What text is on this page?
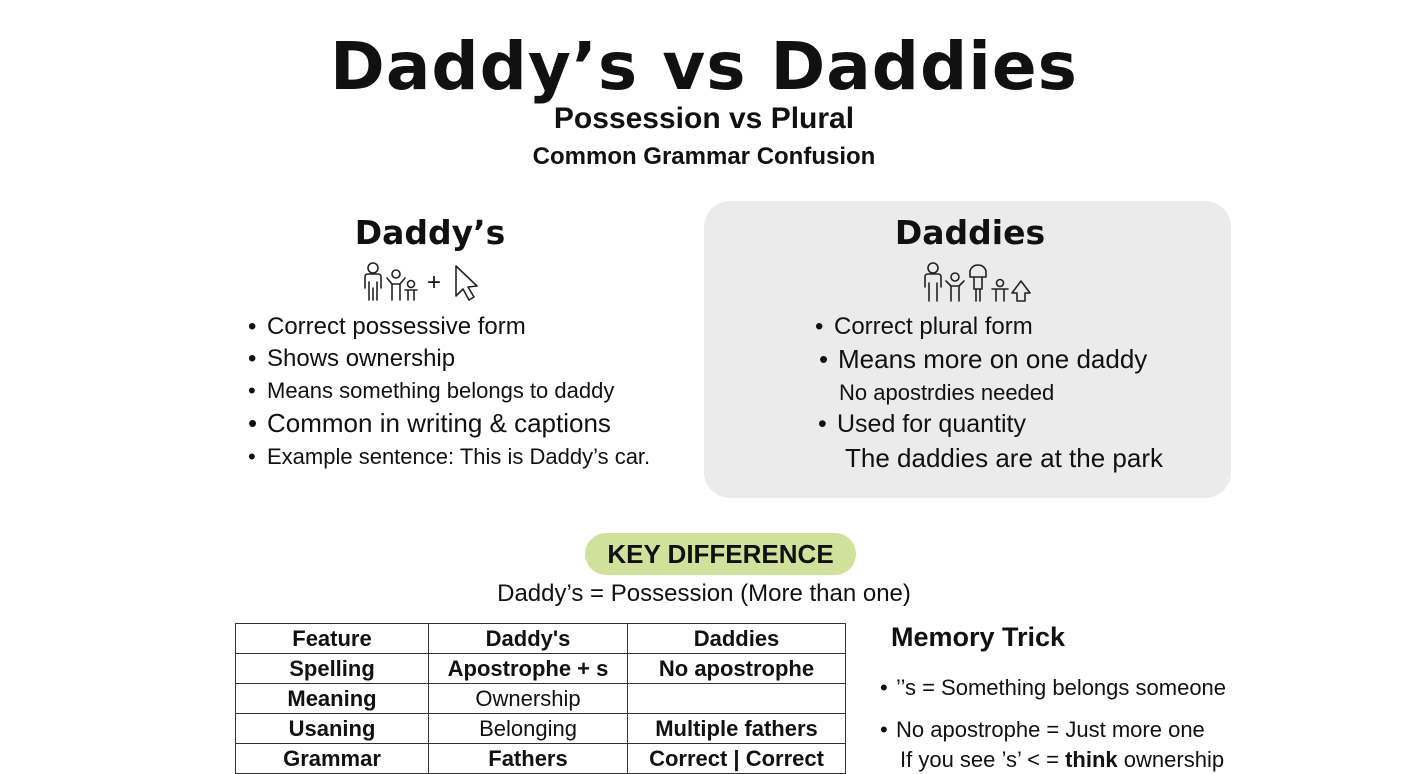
Daddy’s vs Daddies
Possession vs Plural
Common Grammar Confusion
Daddy’s
+
• Correct possessive form
• Shows ownership
• Means something belongs to daddy
• Common in writing & captions
• Example sentence: This is Daddy’s car.
Daddies
• Correct plural form
• Means more on one daddy
No apostrdies needed
• Used for quantity
The daddies are at the park
KEY DIFFERENCE
Daddy’s = Possession (More than one)
Feature	Daddy's	Daddies
Spelling	Apostrophe + s	No apostrophe
Meaning	Ownership	
Usaning	Belonging	Multiple fathers
Grammar	Fathers	Correct | Correct
Memory Trick
• ’’s = Something belongs someone
• No apostrophe = Just more one
If you see ’s’ < = think ownership
